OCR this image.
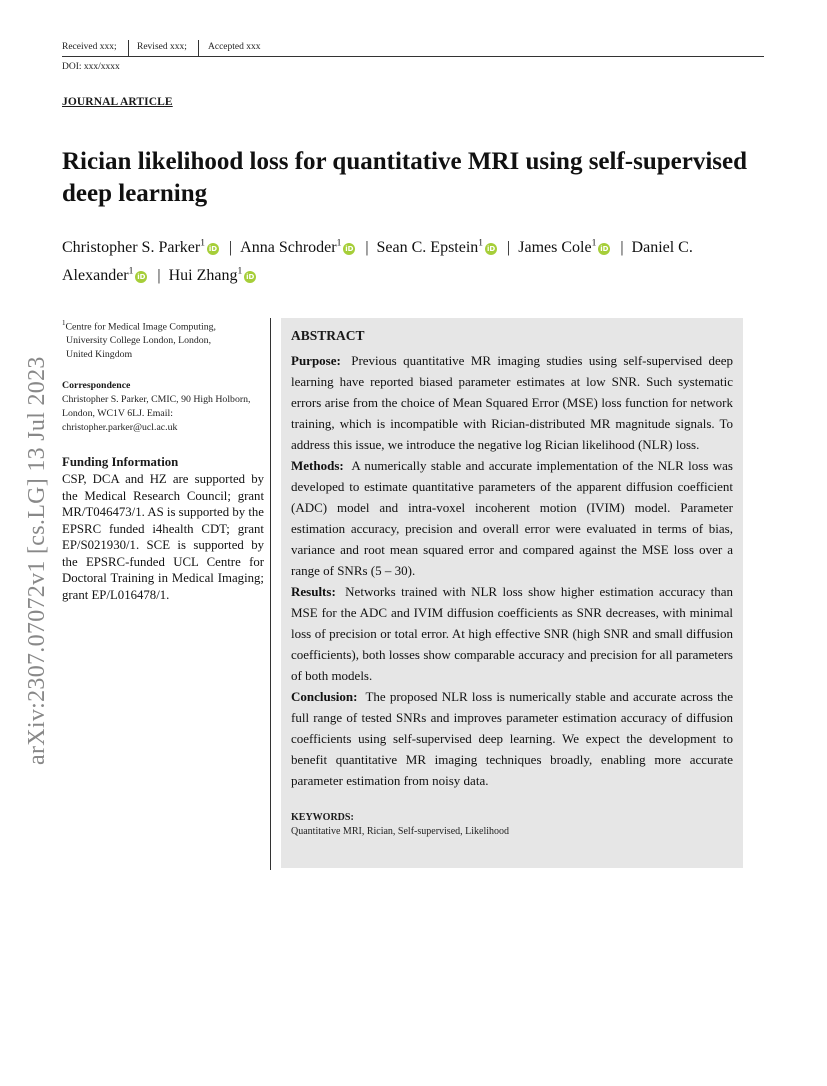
Received xxx; Revised xxx; Accepted xxx
DOI: xxx/xxxx
JOURNAL ARTICLE
Rician likelihood loss for quantitative MRI using self-supervised deep learning
Christopher S. Parker$^1$iD | Anna Schroder$^1$iD | Sean C. Epstein$^1$iD | James Cole$^1$iD | Daniel C. Alexander$^1$iD | Hui Zhang$^1$iD
arXiv:2307.07072v1 [cs.LG] 13 Jul 2023
$^1$Centre for Medical Image Computing,
University College London, London,
United Kingdom
Correspondence
Christopher S. Parker, CMIC, 90 High Holborn, London, WC1V 6LJ. Email: christopher.parker@ucl.ac.uk
Funding Information
CSP, DCA and HZ are supported by the Medical Research Council; grant MR/T046473/1. AS is supported by the EPSRC funded i4health CDT; grant EP/S021930/1. SCE is supported by the EPSRC-funded UCL Centre for Doctoral Training in Medical Imaging; grant EP/L016478/1.
ABSTRACT

Purpose: Previous quantitative MR imaging studies using self-supervised deep learning have reported biased parameter estimates at low SNR. Such systematic errors arise from the choice of Mean Squared Error (MSE) loss function for network training, which is incompatible with Rician-distributed MR magnitude signals. To address this issue, we introduce the negative log Rician likelihood (NLR) loss.

Methods: A numerically stable and accurate implementation of the NLR loss was developed to estimate quantitative parameters of the apparent diffusion coefficient (ADC) model and intra-voxel incoherent motion (IVIM) model. Parameter estimation accuracy, precision and overall error were evaluated in terms of bias, variance and root mean squared error and compared against the MSE loss over a range of SNRs (5 – 30).

Results: Networks trained with NLR loss show higher estimation accuracy than MSE for the ADC and IVIM diffusion coefficients as SNR decreases, with minimal loss of precision or total error. At high effective SNR (high SNR and small diffusion coefficients), both losses show comparable accuracy and precision for all parameters of both models.

Conclusion: The proposed NLR loss is numerically stable and accurate across the full range of tested SNRs and improves parameter estimation accuracy of diffusion coefficients using self-supervised deep learning. We expect the development to benefit quantitative MR imaging techniques broadly, enabling more accurate parameter estimation from noisy data.

KEYWORDS:
Quantitative MRI, Rician, Self-supervised, Likelihood
